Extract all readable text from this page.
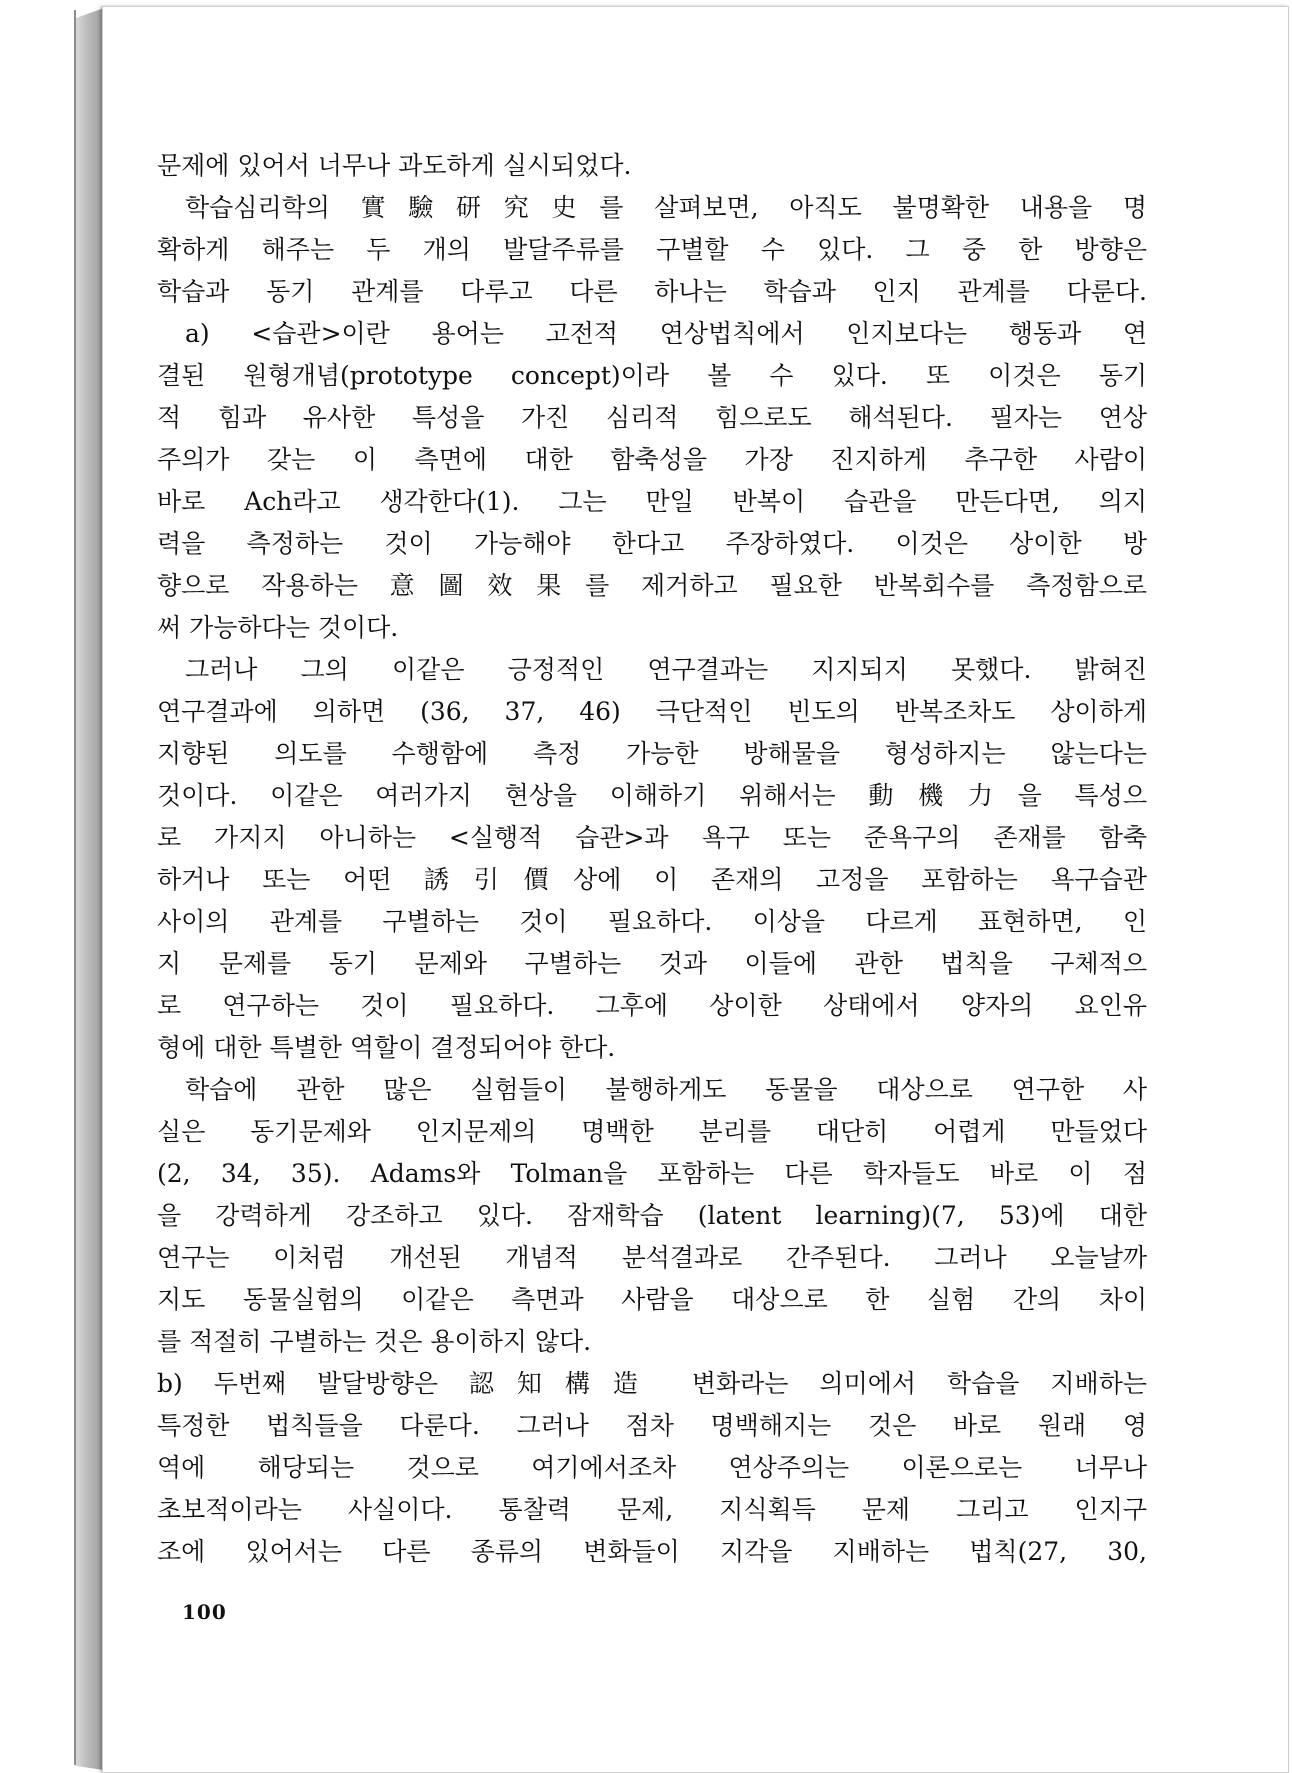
문제에 있어서 너무나 과도하게 실시되었다.
학습심리학의 實驗研究史를 살펴보면, 아직도 불명확한 내용을 명
확하게 해주는 두 개의 발달주류를 구별할 수 있다. 그 중 한 방향은
학습과 동기 관계를 다루고 다른 하나는 학습과 인지 관계를 다룬다.
a) <습관>이란 용어는 고전적 연상법칙에서 인지보다는 행동과 연
결된 원형개념(prototype concept)이라 볼 수 있다. 또 이것은 동기
적 힘과 유사한 특성을 가진 심리적 힘으로도 해석된다. 필자는 연상
주의가 갖는 이 측면에 대한 함축성을 가장 진지하게 추구한 사람이
바로 Ach라고 생각한다(1). 그는 만일 반복이 습관을 만든다면, 의지
력을 측정하는 것이 가능해야 한다고 주장하였다. 이것은 상이한 방
향으로 작용하는 意圖效果를 제거하고 필요한 반복회수를 측정함으로
써 가능하다는 것이다.
그러나 그의 이같은 긍정적인 연구결과는 지지되지 못했다. 밝혀진
연구결과에 의하면 (36, 37, 46) 극단적인 빈도의 반복조차도 상이하게
지향된 의도를 수행함에 측정 가능한 방해물을 형성하지는 않는다는
것이다. 이같은 여러가지 현상을 이해하기 위해서는 動機力을 특성으
로 가지지 아니하는 <실행적 습관>과 욕구 또는 준욕구의 존재를 함축
하거나 또는 어떤 誘引價상에 이 존재의 고정을 포함하는 욕구습관
사이의 관계를 구별하는 것이 필요하다. 이상을 다르게 표현하면, 인
지 문제를 동기 문제와 구별하는 것과 이들에 관한 법칙을 구체적으
로 연구하는 것이 필요하다. 그후에 상이한 상태에서 양자의 요인유
형에 대한 특별한 역할이 결정되어야 한다.
학습에 관한 많은 실험들이 불행하게도 동물을 대상으로 연구한 사
실은 동기문제와 인지문제의 명백한 분리를 대단히 어렵게 만들었다
(2, 34, 35). Adams와 Tolman을 포함하는 다른 학자들도 바로 이 점
을 강력하게 강조하고 있다. 잠재학습 (latent learning)(7, 53)에 대한
연구는 이처럼 개선된 개념적 분석결과로 간주된다. 그러나 오늘날까
지도 동물실험의 이같은 측면과 사람을 대상으로 한 실험 간의 차이
를 적절히 구별하는 것은 용이하지 않다.
b) 두번째 발달방향은 認知構造 변화라는 의미에서 학습을 지배하는
특정한 법칙들을 다룬다. 그러나 점차 명백해지는 것은 바로 원래 영
역에 해당되는 것으로 여기에서조차 연상주의는 이론으로는 너무나
초보적이라는 사실이다. 통찰력 문제, 지식획득 문제 그리고 인지구
조에 있어서는 다른 종류의 변화들이 지각을 지배하는 법칙(27, 30,
100
